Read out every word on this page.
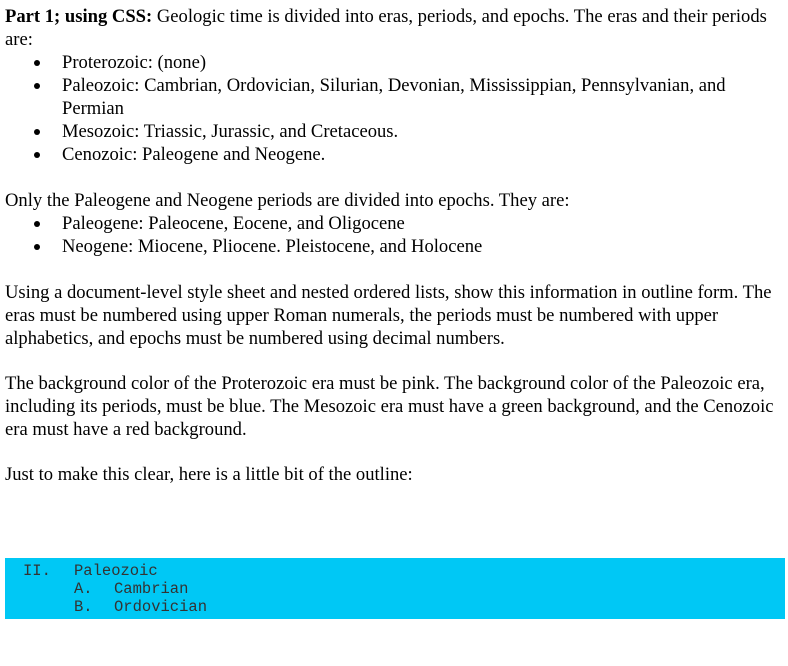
Part 1; using CSS: Geologic time is divided into eras, periods, and epochs. The eras and their periods are:

Proterozoic: (none)
Paleozoic: Cambrian, Ordovician, Silurian, Devonian, Mississippian, Pennsylvanian, and Permian
Mesozoic: Triassic, Jurassic, and Cretaceous.
Cenozoic: Paleogene and Neogene.

Only the Paleogene and Neogene periods are divided into epochs. They are:

Paleogene: Paleocene, Eocene, and Oligocene
Neogene: Miocene, Pliocene. Pleistocene, and Holocene

Using a document-level style sheet and nested ordered lists, show this information in outline form. The eras must be numbered using upper Roman numerals, the periods must be numbered with upper alphabetics, and epochs must be numbered using decimal numbers.

The background color of the Proterozoic era must be pink. The background color of the Paleozoic era, including its periods, must be blue. The Mesozoic era must have a green background, and the Cenozoic era must have a red background.

Just to make this clear, here is a little bit of the outline:

II. Paleozoic
A. Cambrian
B. Ordovician
